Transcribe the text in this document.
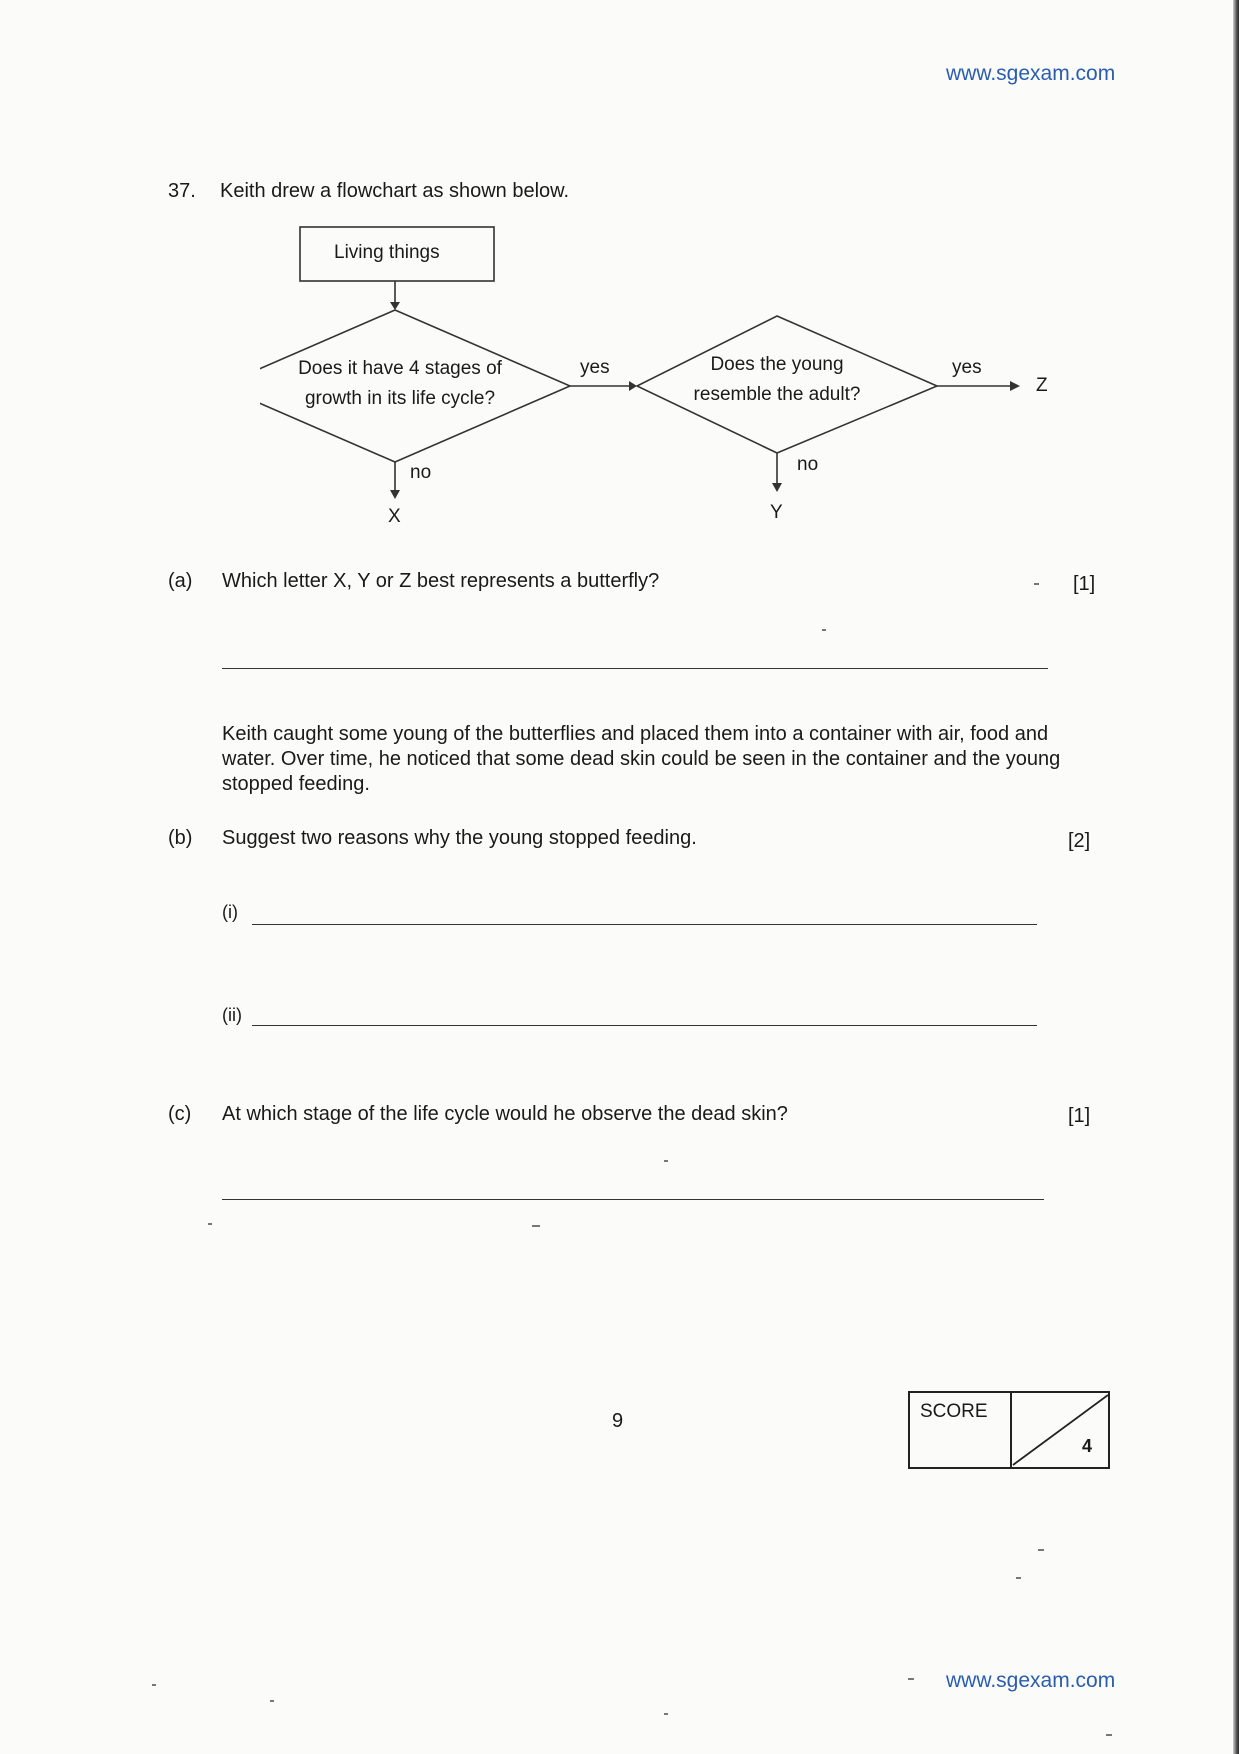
www.sgexam.com
37. Keith drew a flowchart as shown below.
Living things
Does it have 4 stages of
growth in its life cycle?
Does the young
resemble the adult?
yes	yes
no	no
X	Y
Z
(a) Which letter X, Y or Z best represents a butterfly?	[1]
Keith caught some young of the butterflies and placed them into a container with air, food and water. Over time, he noticed that some dead skin could be seen in the container and the young stopped feeding.
(b) Suggest two reasons why the young stopped feeding.	[2]
(i)
(ii)
(c) At which stage of the life cycle would he observe the dead skin?	[1]
9	SCORE
4
www.sgexam.com
